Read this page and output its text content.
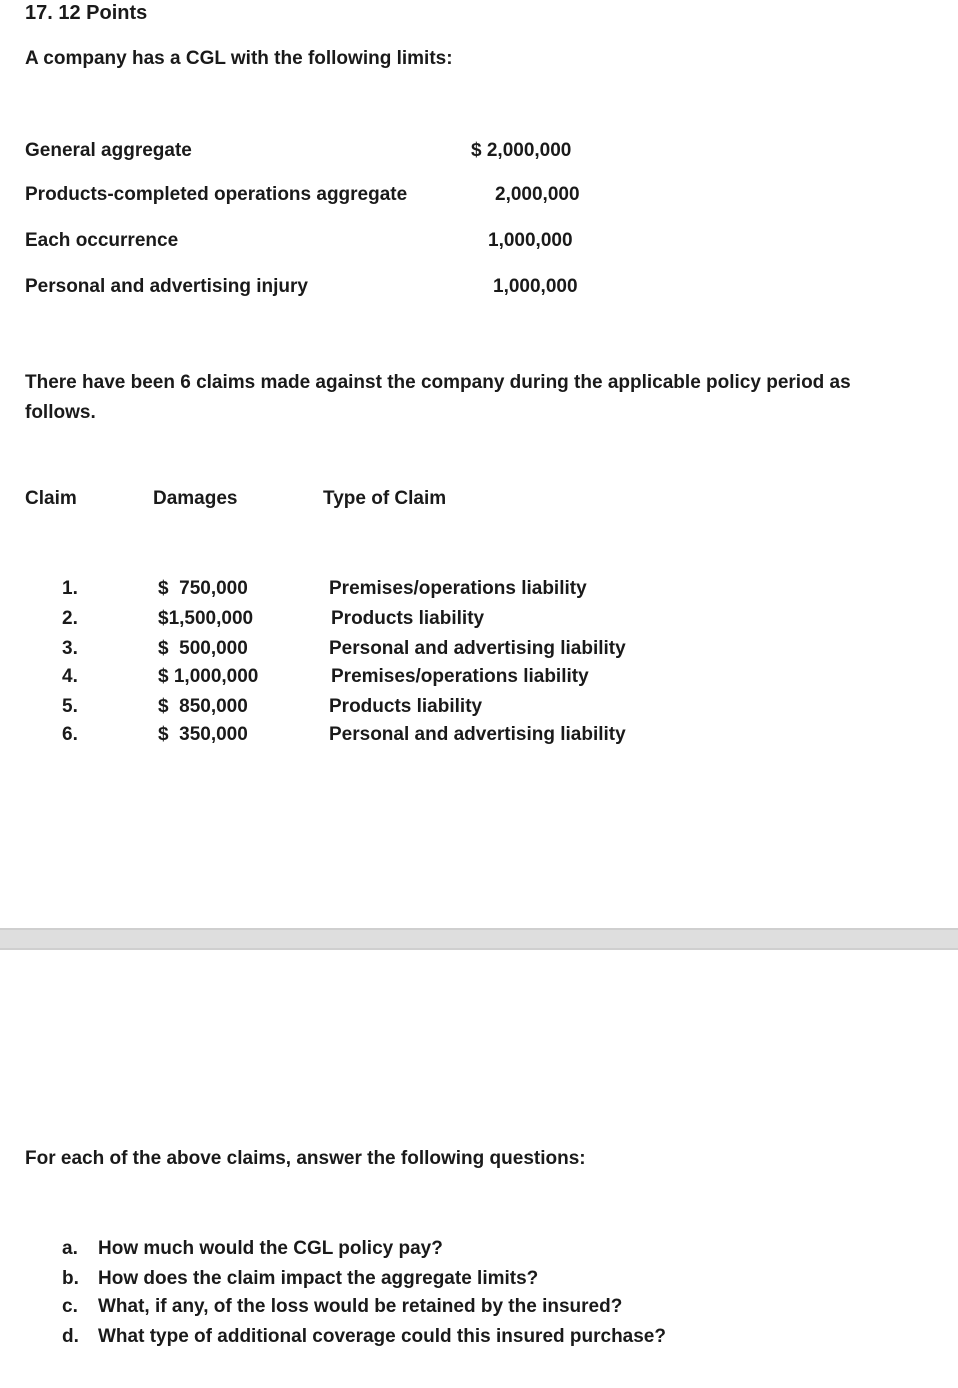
17. 12 Points
A company has a CGL with the following limits:
General aggregate	$ 2,000,000
Products-completed operations aggregate	2,000,000
Each occurrence	1,000,000
Personal and advertising injury	1,000,000
There have been 6 claims made against the company during the applicable policy period as follows.
Claim	Damages	Type of Claim
1.	$  750,000	Premises/operations liability
2.	$1,500,000	Products liability
3.	$  500,000	Personal and advertising liability
4.	$ 1,000,000	Premises/operations liability
5.	$  850,000	Products liability
6.	$  350,000	Personal and advertising liability
For each of the above claims, answer the following questions:
a. How much would the CGL policy pay?
b. How does the claim impact the aggregate limits?
c. What, if any, of the loss would be retained by the insured?
d. What type of additional coverage could this insured purchase?
